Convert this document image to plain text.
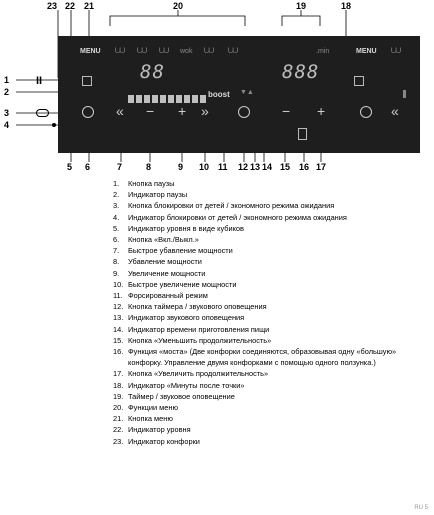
23 22 21	20	19	18
1
2
3
4
5 6	7	8	9 10 11 12 13 14 15 16 17
II
MENU ⩊ ⩊ ⩊ wok ⩊ ⩊	.min	MENU ⩊
88	888
boost ▼▲
« − + »	− +	«
1. Кнопка паузы
2. Индикатор паузы
3. Кнопка блокировки от детей / экономного режима ожидания
4. Индикатор блокировки от детей / экономного режима ожидания
5. Индикатор уровня в виде кубиков
6. Кнопка «Вкл./Выкл.»
7. Быстрое убавление мощности
8. Убавление мощности
9. Увеличение мощности
10. Быстрое увеличение мощности
11. Форсированный режим
12. Кнопка таймера / звукового оповещения
13. Индикатор звукового оповещения
14. Индикатор времени приготовления пищи
15. Кнопка «Уменьшить продолжительность»
16. Функция «моста» (Две конфорки соединяются, образовывая одну «большую» конфорку. Управление двумя конфорками с помощью одного ползунка.)
17. Кнопка «Увеличить продолжительность»
18. Индикатор «Минуты после точки»
19. Таймер / звуковое оповещение
20. Функции меню
21. Кнопка меню
22. Индикатор уровня
23. Индикатор конфорки
RU 5
